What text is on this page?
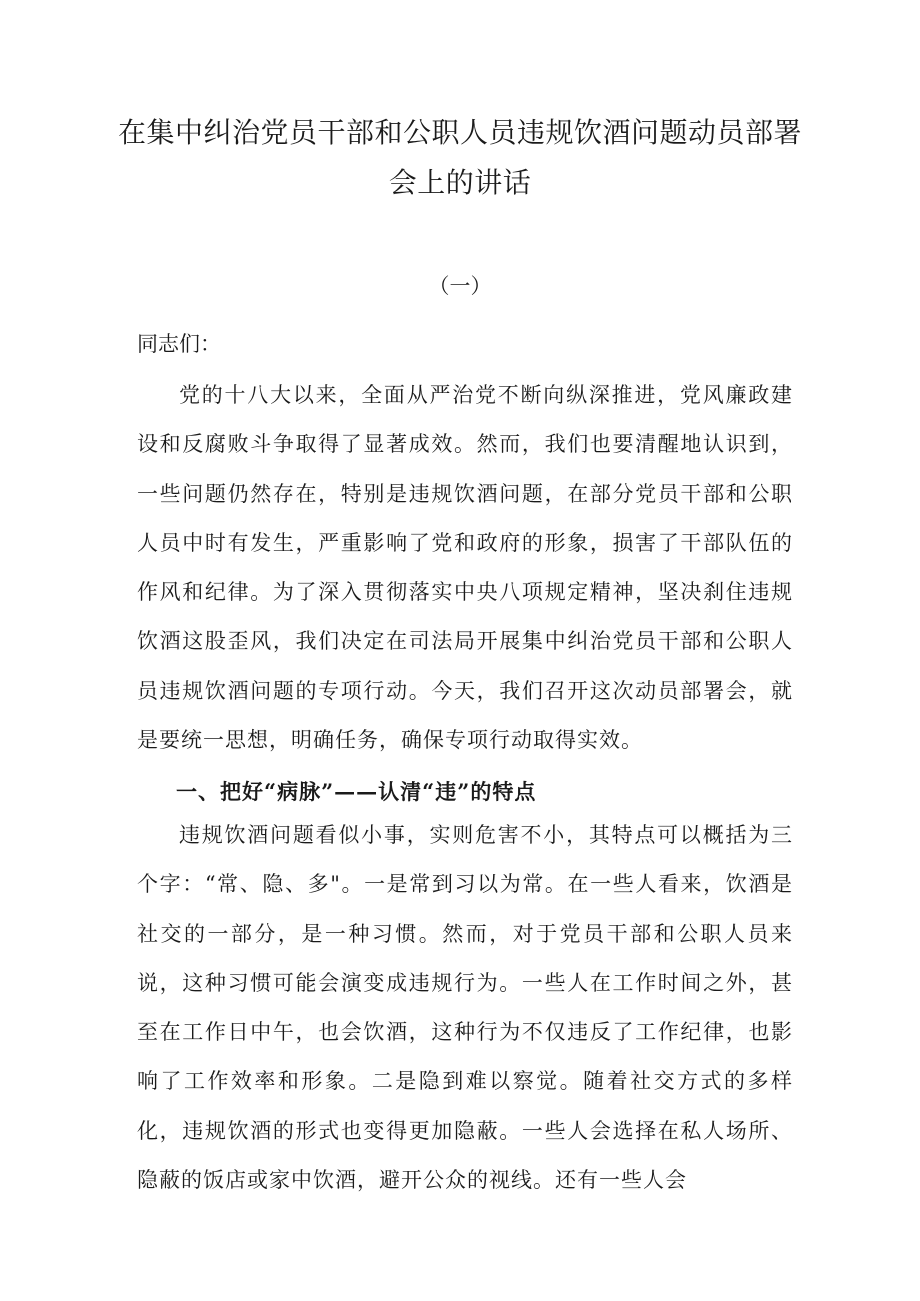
在集中纠治党员干部和公职人员违规饮酒问题动员部署会上的讲话
（一）
同志们：

党的十八大以来，全面从严治党不断向纵深推进，党风廉政建设和反腐败斗争取得了显著成效。然而，我们也要清醒地认识到，一些问题仍然存在，特别是违规饮酒问题，在部分党员干部和公职人员中时有发生，严重影响了党和政府的形象，损害了干部队伍的作风和纪律。为了深入贯彻落实中央八项规定精神，坚决刹住违规饮酒这股歪风，我们决定在司法局开展集中纠治党员干部和公职人员违规饮酒问题的专项行动。今天，我们召开这次动员部署会，就是要统一思想，明确任务，确保专项行动取得实效。

一、把好“病脉”——认清“违”的特点

违规饮酒问题看似小事，实则危害不小，其特点可以概括为三个字：“常、隐、多"。一是常到习以为常。在一些人看来，饮酒是社交的一部分，是一种习惯。然而，对于党员干部和公职人员来说，这种习惯可能会演变成违规行为。一些人在工作时间之外，甚至在工作日中午，也会饮酒，这种行为不仅违反了工作纪律，也影响了工作效率和形象。二是隐到难以察觉。随着社交方式的多样化，违规饮酒的形式也变得更加隐蔽。一些人会选择在私人场所、隐蔽的饭店或家中饮酒，避开公众的视线。还有一些人会
